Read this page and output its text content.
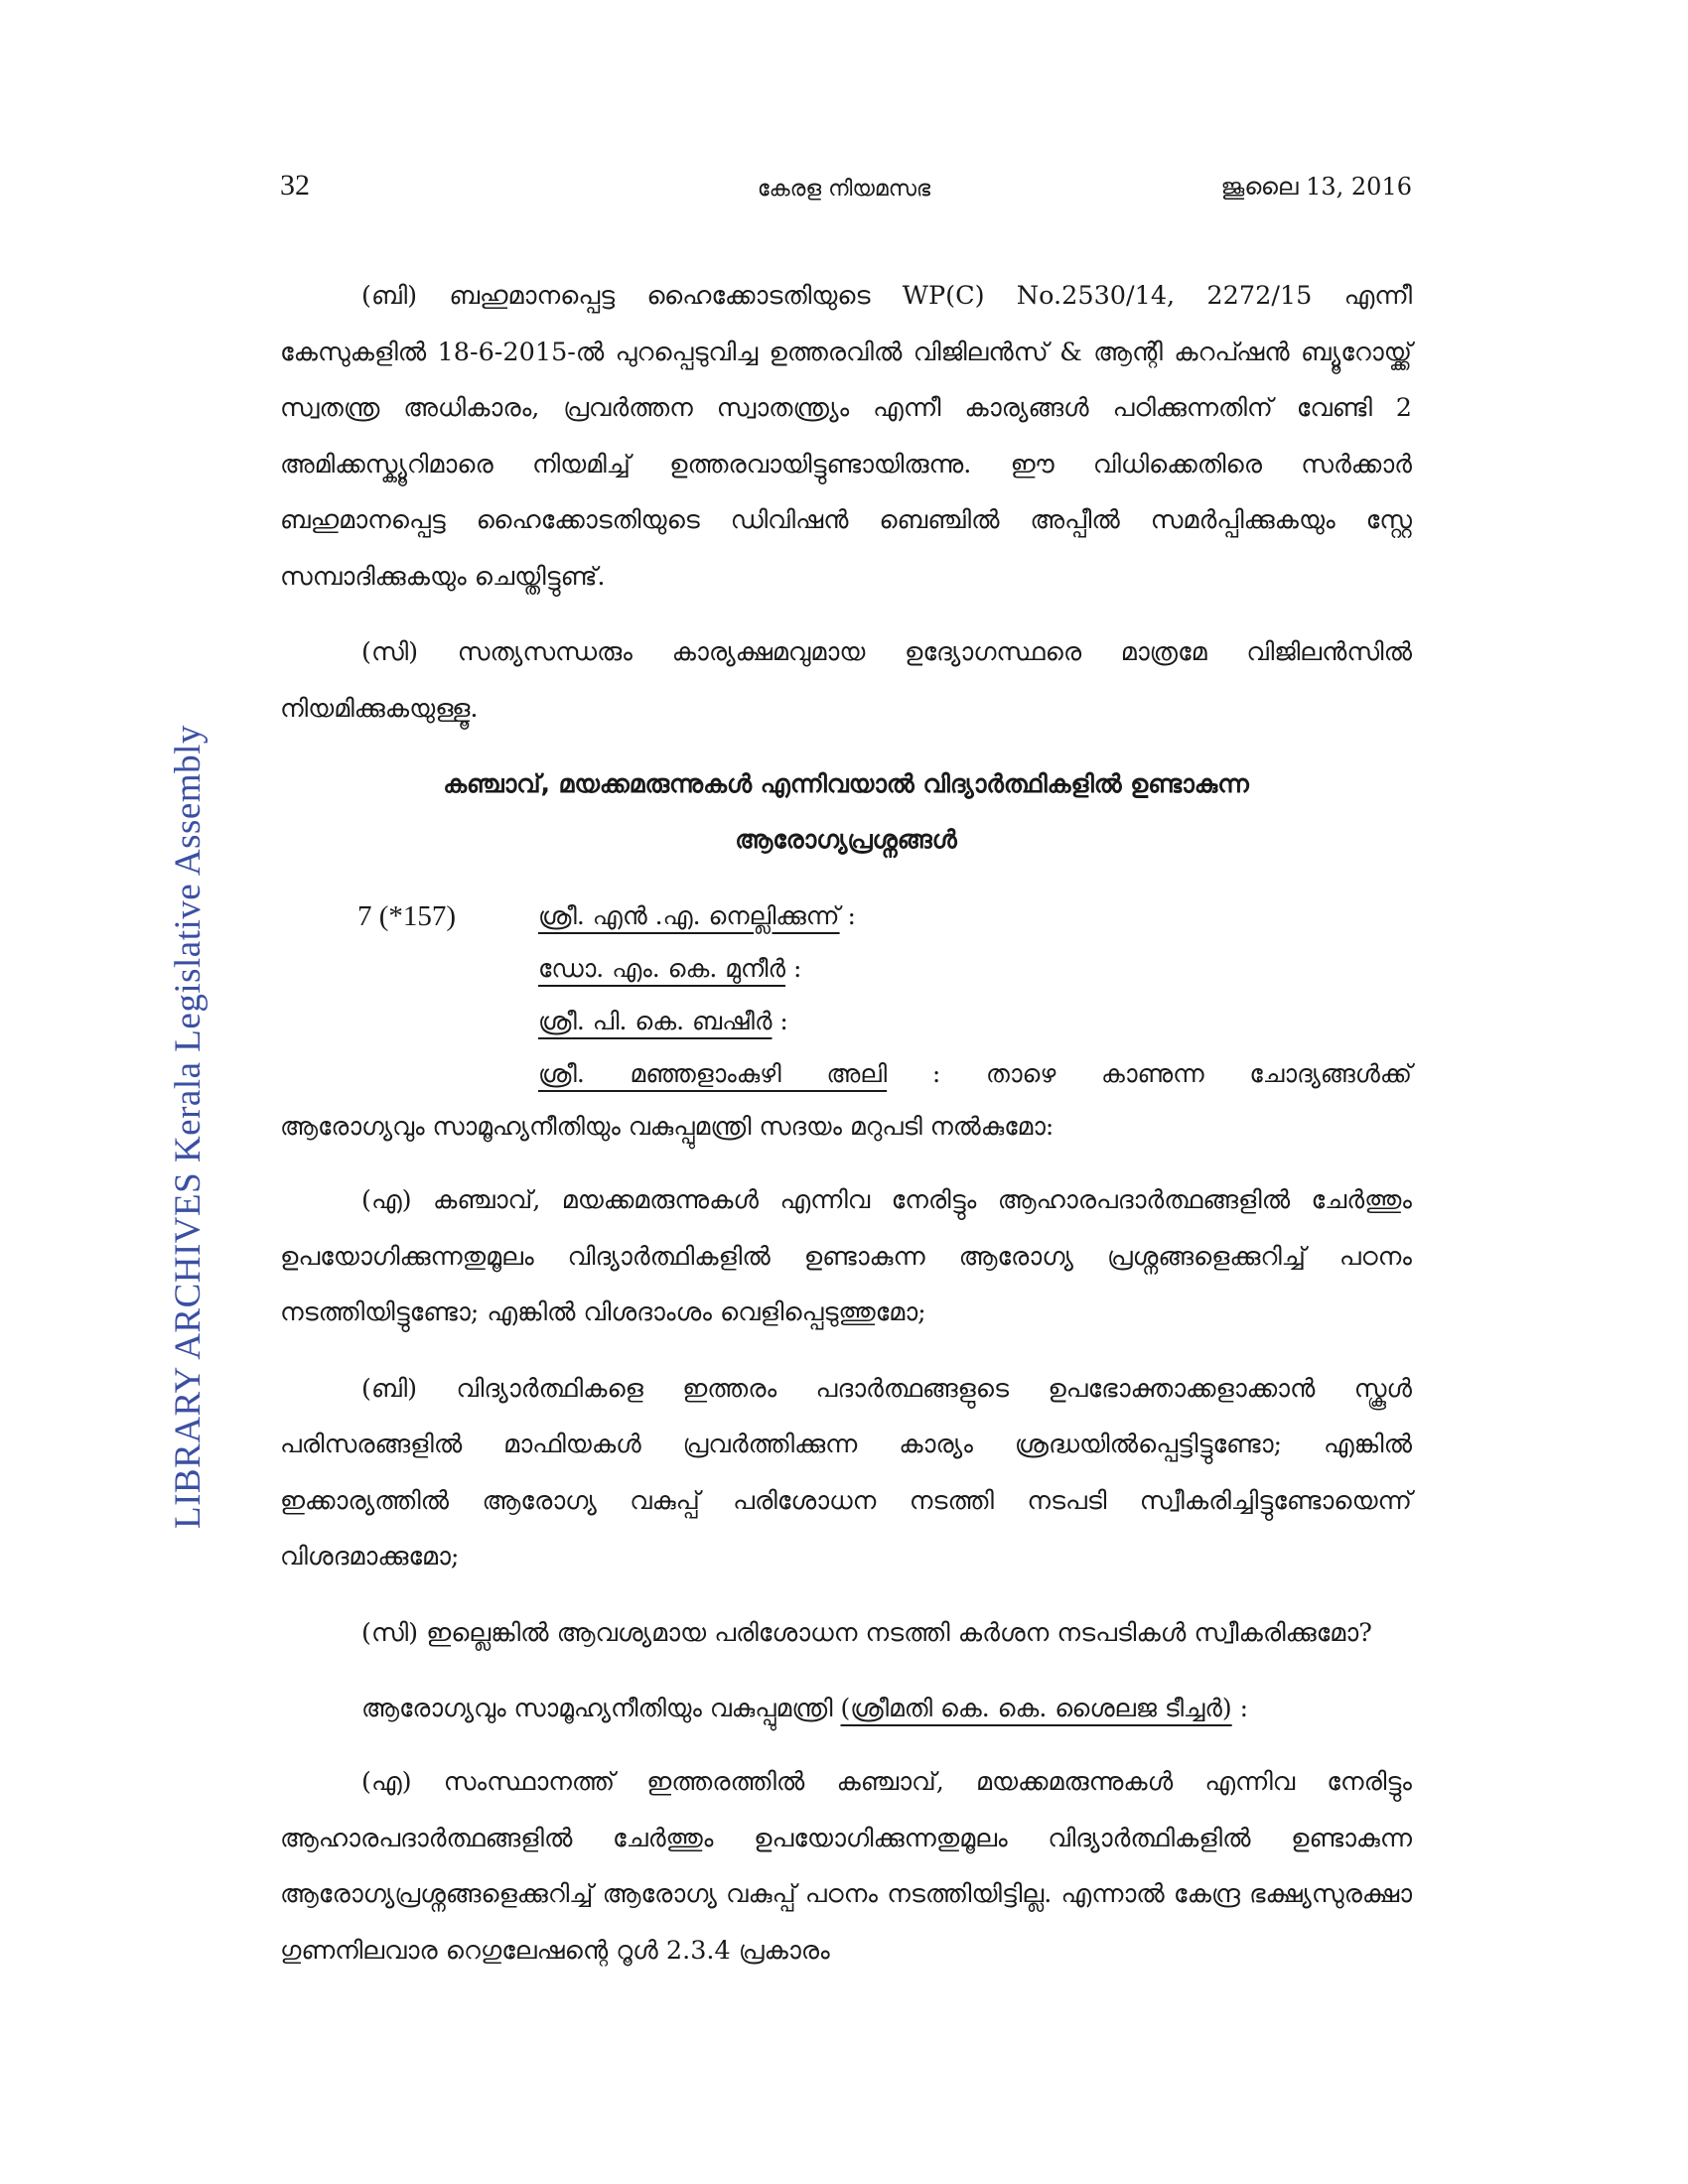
32	കേരള നിയമസഭ	ജൂലൈ 13, 2016
LIBRARY ARCHIVES Kerala Legislative Assembly

(ബി) ബഹുമാനപ്പെട്ട ഹൈക്കോടതിയുടെ WP(C) No.2530/14, 2272/15 എന്നീ കേസുകളിൽ 18-6-2015-ൽ പുറപ്പെടുവിച്ച ഉത്തരവിൽ വിജിലൻസ് & ആന്റി കറപ്ഷൻ ബ്യൂറോയ്ക്ക് സ്വതന്ത്ര അധികാരം, പ്രവർത്തന സ്വാതന്ത്ര്യം എന്നീ കാര്യങ്ങൾ പഠിക്കുന്നതിന് വേണ്ടി 2 അമിക്കസ്ക്യൂറിമാരെ നിയമിച്ച് ഉത്തരവായിട്ടുണ്ടായിരുന്നു. ഈ വിധിക്കെതിരെ സർക്കാർ ബഹുമാനപ്പെട്ട ഹൈക്കോടതിയുടെ ഡിവിഷൻ ബെഞ്ചിൽ അപ്പീൽ സമർപ്പിക്കുകയും സ്റ്റേ സമ്പാദിക്കുകയും ചെയ്തിട്ടുണ്ട്.

(സി) സത്യസന്ധരും കാര്യക്ഷമവുമായ ഉദ്യോഗസ്ഥരെ മാത്രമേ വിജിലൻസിൽ നിയമിക്കുകയുള്ളൂ.

കഞ്ചാവ്, മയക്കമരുന്നുകൾ എന്നിവയാൽ വിദ്യാർത്ഥികളിൽ ഉണ്ടാകുന്ന
ആരോഗ്യപ്രശ്നങ്ങൾ
7 (*157)	ശ്രീ. എൻ .എ. നെല്ലിക്കുന്ന് :
ഡോ. എം. കെ. മുനീർ :
ശ്രീ. പി. കെ. ബഷീർ :
ശ്രീ. മഞ്ഞളാംകുഴി അലി : താഴെ കാണുന്ന ചോദ്യങ്ങൾക്ക്
ആരോഗ്യവും സാമൂഹ്യനീതിയും വകുപ്പുമന്ത്രി സദയം മറുപടി നൽകുമോ:

(എ) കഞ്ചാവ്, മയക്കമരുന്നുകൾ എന്നിവ നേരിട്ടും ആഹാരപദാർത്ഥങ്ങളിൽ ചേർത്തും ഉപയോഗിക്കുന്നതുമൂലം വിദ്യാർത്ഥികളിൽ ഉണ്ടാകുന്ന ആരോഗ്യ പ്രശ്നങ്ങളെക്കുറിച്ച് പഠനം നടത്തിയിട്ടുണ്ടോ; എങ്കിൽ വിശദാംശം വെളിപ്പെടുത്തുമോ;

(ബി) വിദ്യാർത്ഥികളെ ഇത്തരം പദാർത്ഥങ്ങളുടെ ഉപഭോക്താക്കളാക്കാൻ സ്കൂൾ പരിസരങ്ങളിൽ മാഫിയകൾ പ്രവർത്തിക്കുന്ന കാര്യം ശ്രദ്ധയിൽപ്പെട്ടിട്ടുണ്ടോ; എങ്കിൽ ഇക്കാര്യത്തിൽ ആരോഗ്യ വകുപ്പ് പരിശോധന നടത്തി നടപടി സ്വീകരിച്ചിട്ടുണ്ടോയെന്ന് വിശദമാക്കുമോ;

(സി) ഇല്ലെങ്കിൽ ആവശ്യമായ പരിശോധന നടത്തി കർശന നടപടികൾ സ്വീകരിക്കുമോ?

ആരോഗ്യവും സാമൂഹ്യനീതിയും വകുപ്പുമന്ത്രി (ശ്രീമതി കെ. കെ. ശൈലജ ടീച്ചർ) :

(എ) സംസ്ഥാനത്ത് ഇത്തരത്തിൽ കഞ്ചാവ്, മയക്കമരുന്നുകൾ എന്നിവ നേരിട്ടും ആഹാരപദാർത്ഥങ്ങളിൽ ചേർത്തും ഉപയോഗിക്കുന്നതുമൂലം വിദ്യാർത്ഥികളിൽ ഉണ്ടാകുന്ന ആരോഗ്യപ്രശ്നങ്ങളെക്കുറിച്ച് ആരോഗ്യ വകുപ്പ് പഠനം നടത്തിയിട്ടില്ല. എന്നാൽ കേന്ദ്ര ഭക്ഷ്യസുരക്ഷാ ഗുണനിലവാര റെഗുലേഷന്റെ റൂൾ 2.3.4 പ്രകാരം
